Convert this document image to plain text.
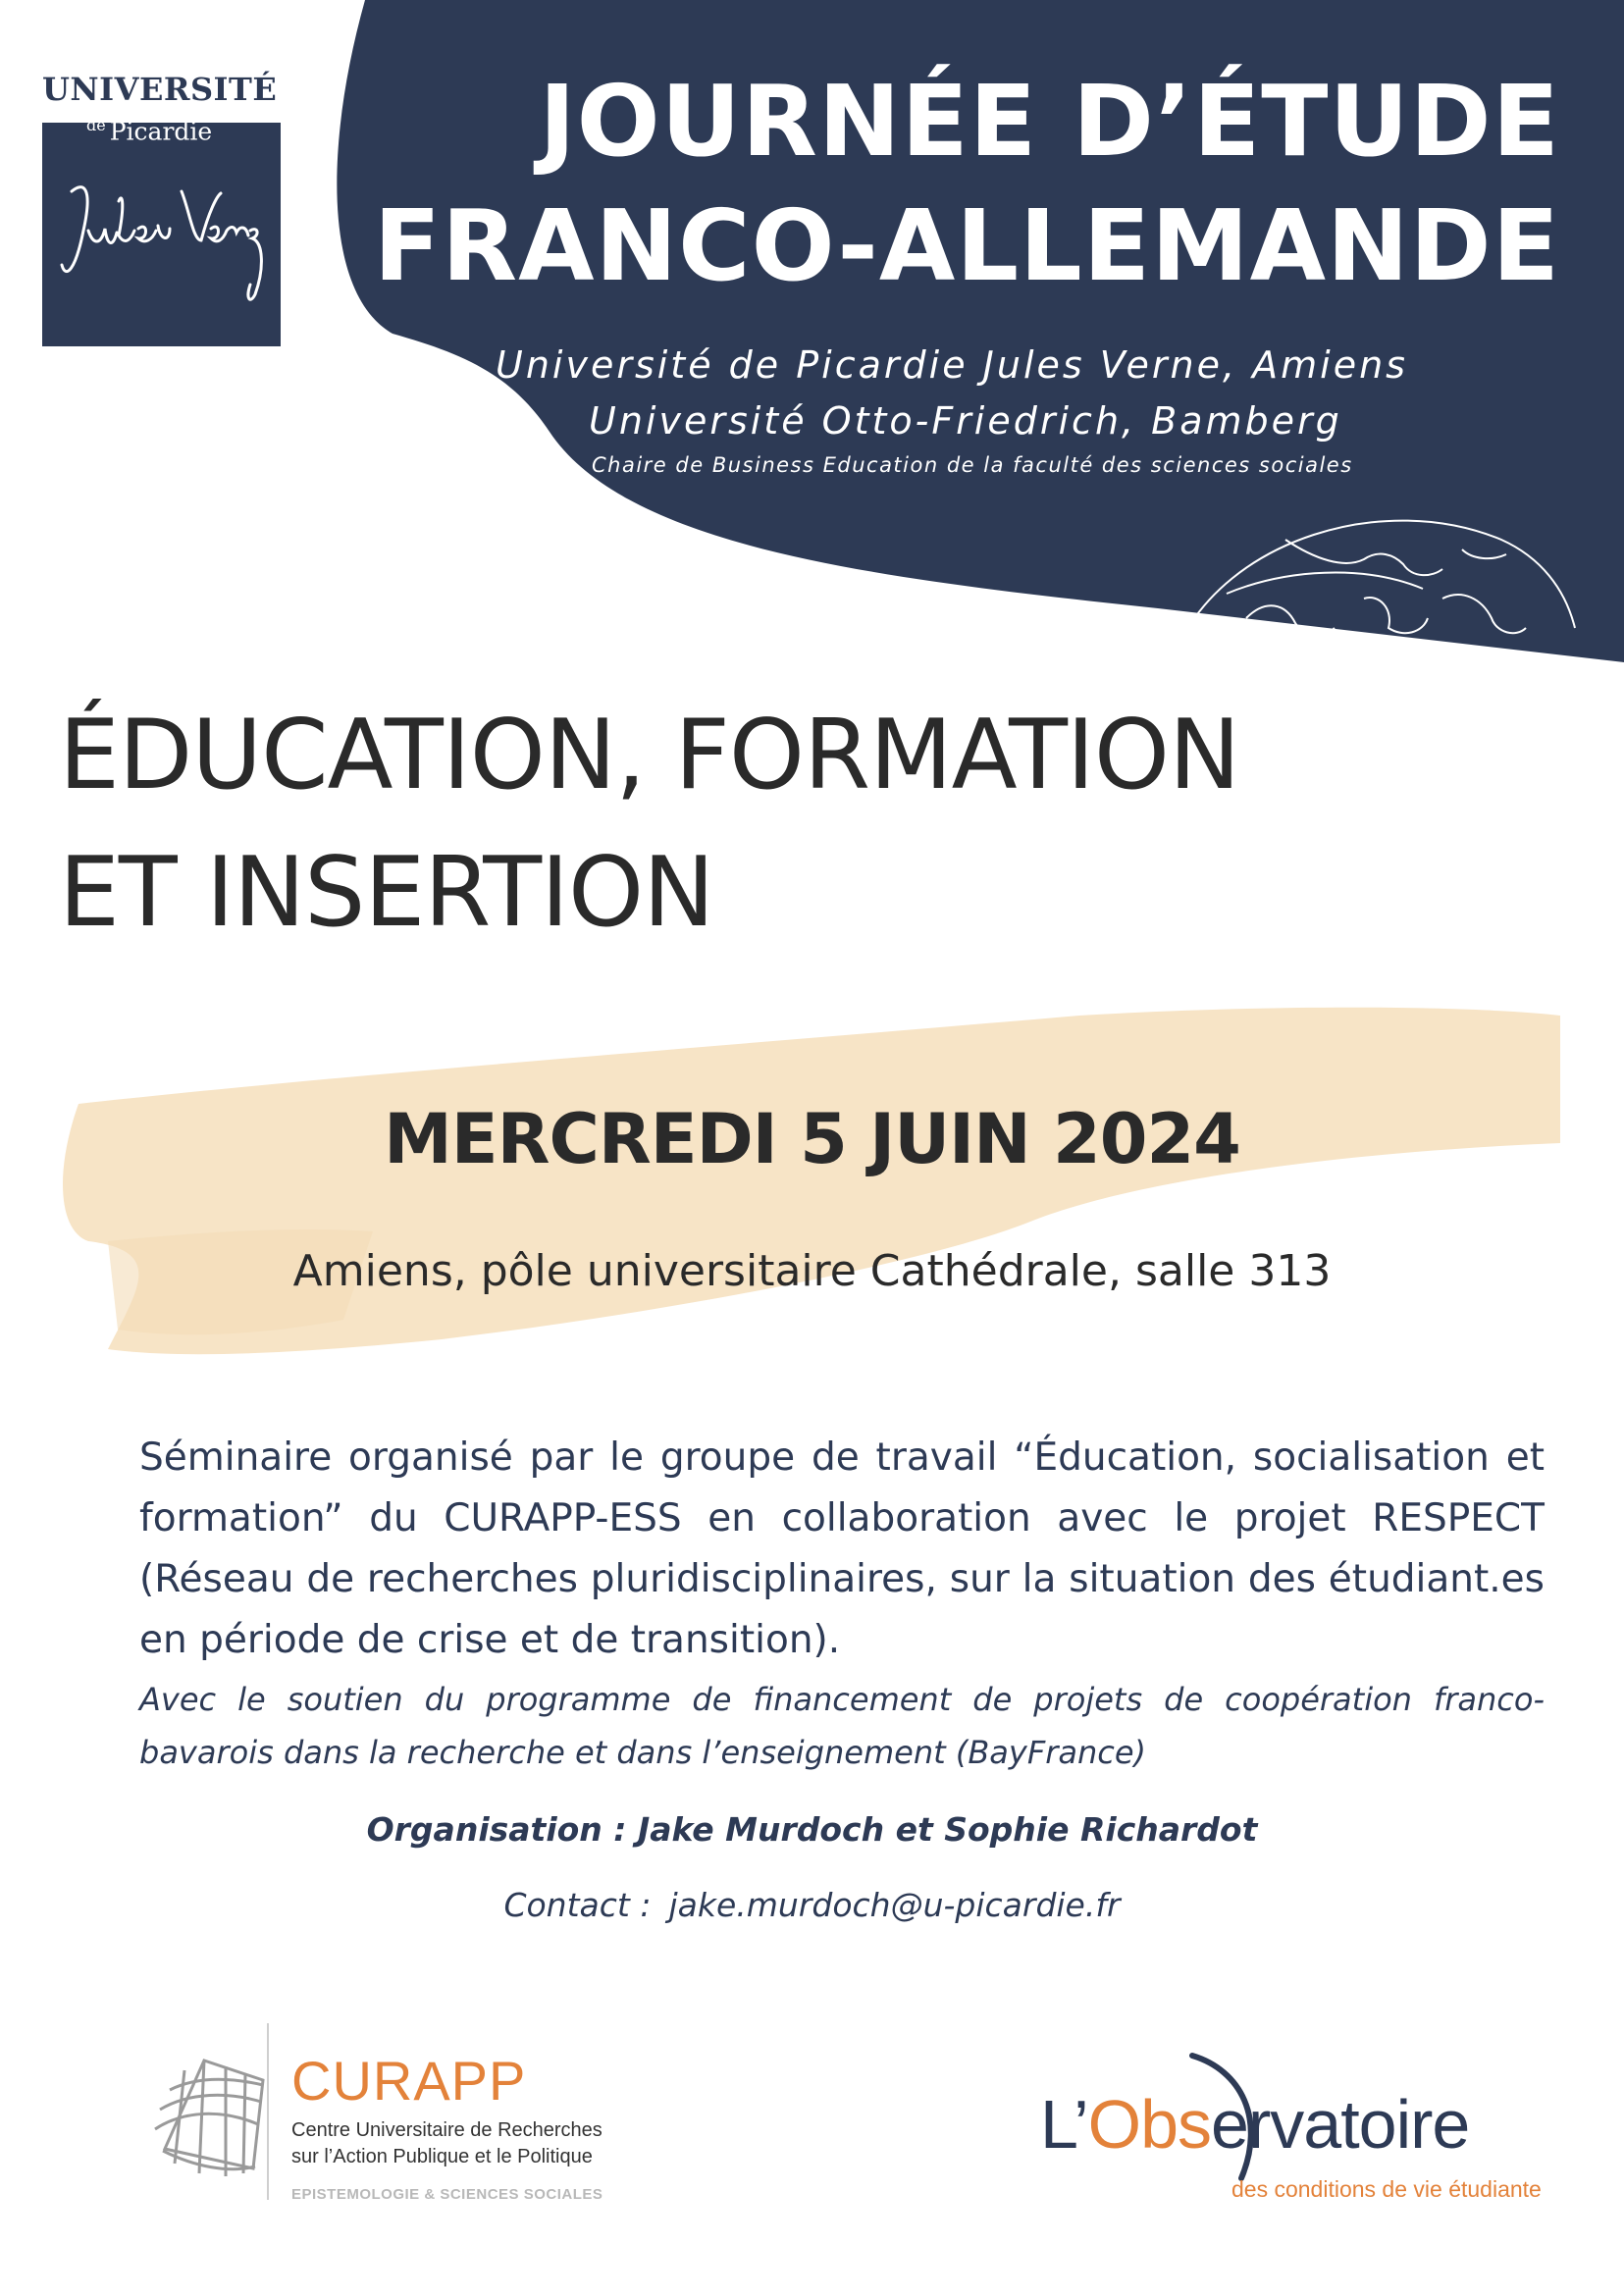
UNIVERSITÉ
$^{de}$ Picardie	JOURNÉE D’ÉTUDE
FRANCO-ALLEMANDE
Université de Picardie Jules Verne, Amiens
Université Otto-Friedrich, Bamberg
Chaire de Business Education de la faculté des sciences sociales
ÉDUCATION, FORMATION
ET INSERTION
MERCREDI 5 JUIN 2024
Amiens, pôle universitaire Cathédrale, salle 313
Séminaire organisé par le groupe de travail “Éducation, socialisation et formation” du CURAPP-ESS en collaboration avec le projet RESPECT (Réseau de recherches pluridisciplinaires, sur la situation des étudiant.es en période de crise et de transition).
Avec le soutien du programme de financement de projets de coopération franco-bavarois dans la recherche et dans l’enseignement (BayFrance)
Organisation : Jake Murdoch et Sophie Richardot
Contact : jake.murdoch@u-picardie.fr
CURAPP
Centre Universitaire de Recherches
sur l’Action Publique et le Politique
EPISTEMOLOGIE & SCIENCES SOCIALES
L’Observatoire
des conditions de vie étudiante
